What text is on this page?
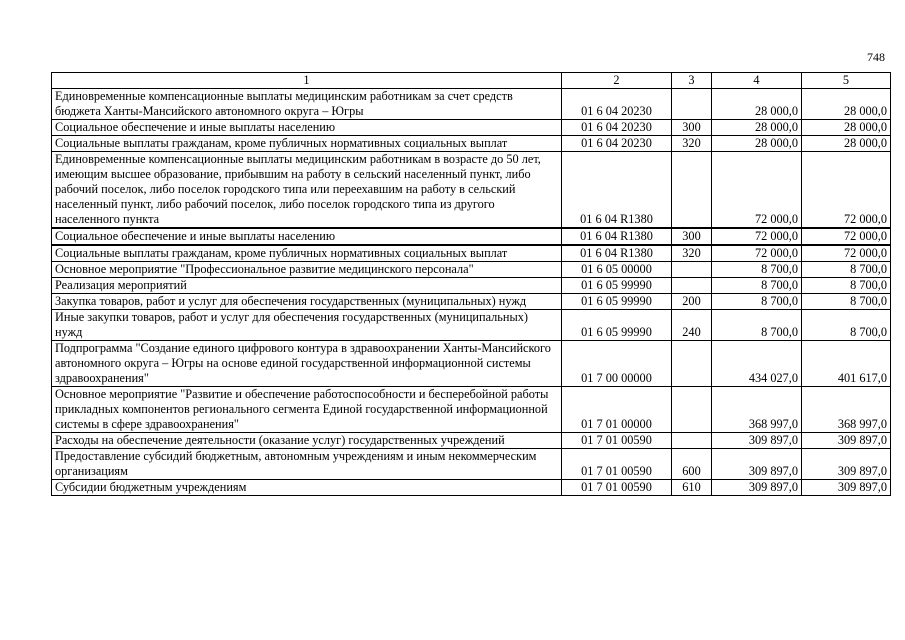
748
1	2	3	4	5
Единовременные компенсационные выплаты медицинским работникам за счет средств бюджета Ханты-Мансийского автономного округа – Югры	01 6 04 20230		28 000,0	28 000,0
Социальное обеспечение и иные выплаты населению	01 6 04 20230	300	28 000,0	28 000,0
Социальные выплаты гражданам, кроме публичных нормативных социальных выплат	01 6 04 20230	320	28 000,0	28 000,0
Единовременные компенсационные выплаты медицинским работникам в возрасте до 50 лет, имеющим высшее образование, прибывшим на работу в сельский населенный пункт, либо рабочий поселок, либо поселок городского типа или переехавшим на работу в сельский населенный пункт, либо рабочий поселок, либо поселок городского типа из другого населенного пункта	01 6 04 R1380		72 000,0	72 000,0
Социальное обеспечение и иные выплаты населению	01 6 04 R1380	300	72 000,0	72 000,0
Социальные выплаты гражданам, кроме публичных нормативных социальных выплат	01 6 04 R1380	320	72 000,0	72 000,0
Основное мероприятие "Профессиональное развитие медицинского персонала"	01 6 05 00000		8 700,0	8 700,0
Реализация мероприятий	01 6 05 99990		8 700,0	8 700,0
Закупка товаров, работ и услуг для обеспечения государственных (муниципальных) нужд	01 6 05 99990	200	8 700,0	8 700,0
Иные закупки товаров, работ и услуг для обеспечения государственных (муниципальных) нужд	01 6 05 99990	240	8 700,0	8 700,0
Подпрограмма "Создание единого цифрового контура в здравоохранении Ханты-Мансийского автономного округа – Югры на основе единой государственной информационной системы здравоохранения"	01 7 00 00000		434 027,0	401 617,0
Основное мероприятие "Развитие и обеспечение работоспособности и бесперебойной работы прикладных компонентов регионального сегмента Единой государственной информационной системы в сфере здравоохранения"	01 7 01 00000		368 997,0	368 997,0
Расходы на обеспечение деятельности (оказание услуг) государственных учреждений	01 7 01 00590		309 897,0	309 897,0
Предоставление субсидий бюджетным, автономным учреждениям и иным некоммерческим организациям	01 7 01 00590	600	309 897,0	309 897,0
Субсидии бюджетным учреждениям	01 7 01 00590	610	309 897,0	309 897,0
